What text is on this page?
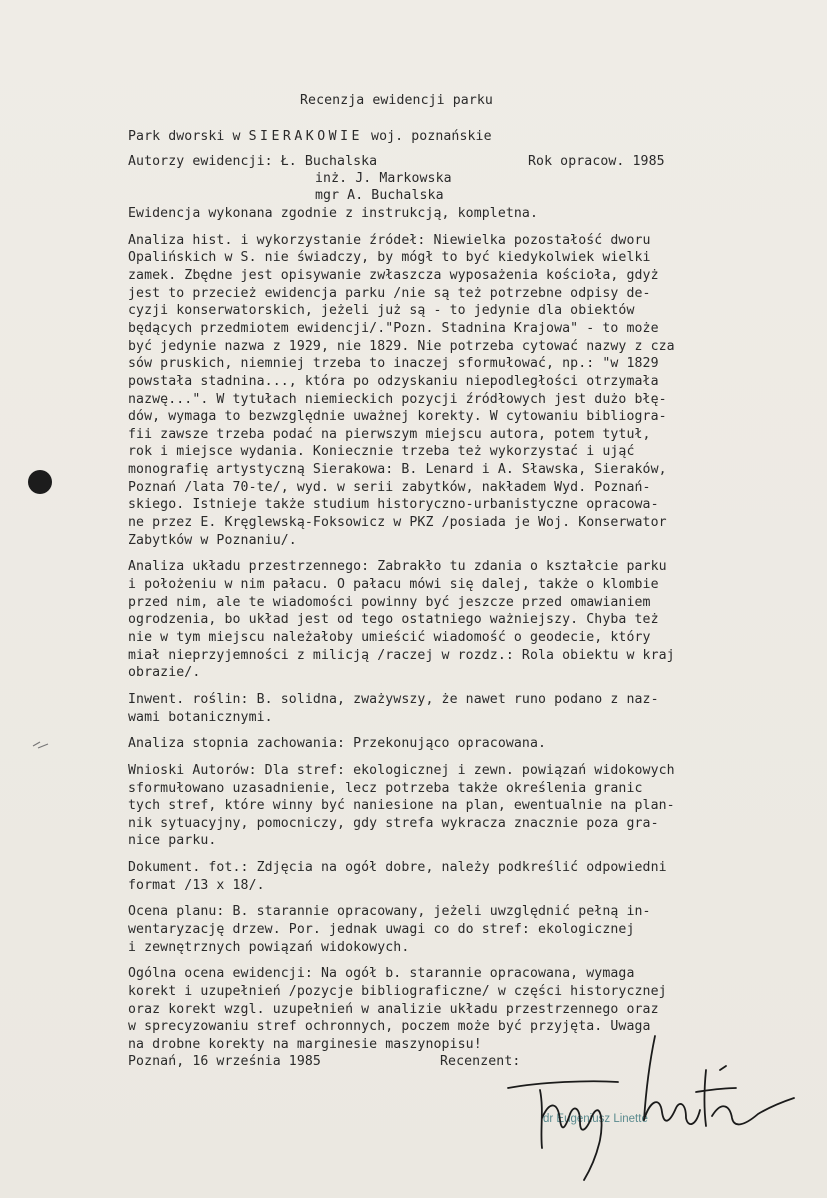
Recenzja ewidencji parku
Park dworski w SIERAKOWIE woj. poznańskie
Autorzy ewidencji: Ł. Buchalska	Rok opracow. 1985
inż. J. Markowska
mgr A. Buchalska
Ewidencja wykonana zgodnie z instrukcją, kompletna.
Analiza hist. i wykorzystanie źródeł: Niewielka pozostałość dworu
Opalińskich w S. nie świadczy, by mógł to być kiedykolwiek wielki
zamek. Zbędne jest opisywanie zwłaszcza wyposażenia kościoła, gdyż
jest to przecież ewidencja parku /nie są też potrzebne odpisy de-
cyzji konserwatorskich, jeżeli już są - to jedynie dla obiektów
będących przedmiotem ewidencji/."Pozn. Stadnina Krajowa" - to może
być jedynie nazwa z 1929, nie 1829. Nie potrzeba cytować nazwy z cza
sów pruskich, niemniej trzeba to inaczej sformułować, np.: "w 1829
powstała stadnina..., która po odzyskaniu niepodległości otrzymała
nazwę...". W tytułach niemieckich pozycji źródłowych jest dużo błę-
dów, wymaga to bezwzględnie uważnej korekty. W cytowaniu bibliogra-
fii zawsze trzeba podać na pierwszym miejscu autora, potem tytuł,
rok i miejsce wydania. Koniecznie trzeba też wykorzystać i ująć
monografię artystyczną Sierakowa: B. Lenard i A. Sławska, Sieraków,
Poznań /lata 70-te/, wyd. w serii zabytków, nakładem Wyd. Poznań-
skiego. Istnieje także studium historyczno-urbanistyczne opracowa-
ne przez E. Kręglewską-Foksowicz w PKZ /posiada je Woj. Konserwator
Zabytków w Poznaniu/.
Analiza układu przestrzennego: Zabrakło tu zdania o kształcie parku
i położeniu w nim pałacu. O pałacu mówi się dalej, także o klombie
przed nim, ale te wiadomości powinny być jeszcze przed omawianiem
ogrodzenia, bo układ jest od tego ostatniego ważniejszy. Chyba też
nie w tym miejscu należałoby umieścić wiadomość o geodecie, który
miał nieprzyjemności z milicją /raczej w rozdz.: Rola obiektu w kraj
obrazie/.
Inwent. roślin: B. solidna, zważywszy, że nawet runo podano z naz-
wami botanicznymi.
Analiza stopnia zachowania: Przekonująco opracowana.
Wnioski Autorów: Dla stref: ekologicznej i zewn. powiązań widokowych
sformułowano uzasadnienie, lecz potrzeba także określenia granic
tych stref, które winny być naniesione na plan, ewentualnie na plan-
nik sytuacyjny, pomocniczy, gdy strefa wykracza znacznie poza gra-
nice parku.
Dokument. fot.: Zdjęcia na ogół dobre, należy podkreślić odpowiedni
format /13 x 18/.
Ocena planu: B. starannie opracowany, jeżeli uwzględnić pełną in-
wentaryzację drzew. Por. jednak uwagi co do stref: ekologicznej
i zewnętrznych powiązań widokowych.
Ogólna ocena ewidencji: Na ogół b. starannie opracowana, wymaga
korekt i uzupełnień /pozycje bibliograficzne/ w części historycznej
oraz korekt wzgl. uzupełnień w analizie układu przestrzennego oraz
w sprecyzowaniu stref ochronnych, poczem może być przyjęta. Uwaga
na drobne korekty na marginesie maszynopisu!
Poznań, 16 września 1985	Recenzent:
dr Eugeniusz Linette
